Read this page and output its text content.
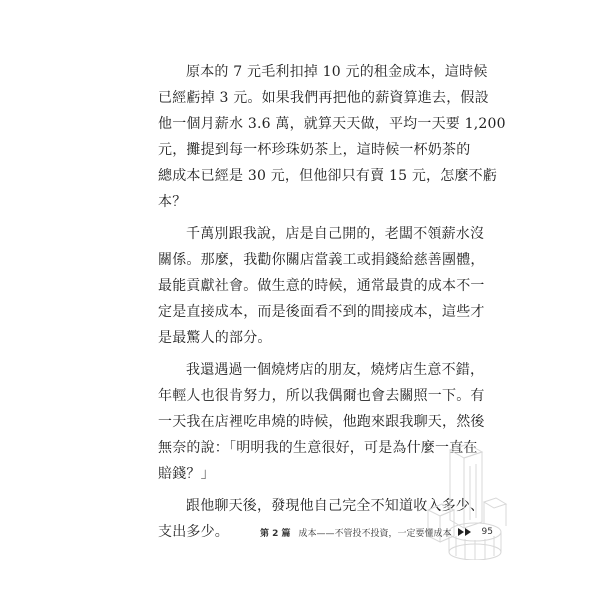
原本的 7 元毛利扣掉 10 元的租金成本，這時候
已經虧掉 3 元。如果我們再把他的薪資算進去，假設
他一個月薪水 3.6 萬，就算天天做，平均一天要 1,200
元，攤提到每一杯珍珠奶茶上，這時候一杯奶茶的
總成本已經是 30 元，但他卻只有賣 15 元，怎麼不虧
本？

千萬別跟我說，店是自己開的，老闆不領薪水沒
關係。那麼，我勸你關店當義工或捐錢給慈善團體，
最能貢獻社會。做生意的時候，通常最貴的成本不一
定是直接成本，而是後面看不到的間接成本，這些才
是最驚人的部分。

我還遇過一個燒烤店的朋友，燒烤店生意不錯，
年輕人也很肯努力，所以我偶爾也會去關照一下。有
一天我在店裡吃串燒的時候，他跑來跟我聊天，然後
無奈的說：「明明我的生意很好，可是為什麼一直在
賠錢？」

跟他聊天後，發現他自己完全不知道收入多少、
支出多少。	第 2 篇 成本——不管投不投資，一定要懂成本	95
